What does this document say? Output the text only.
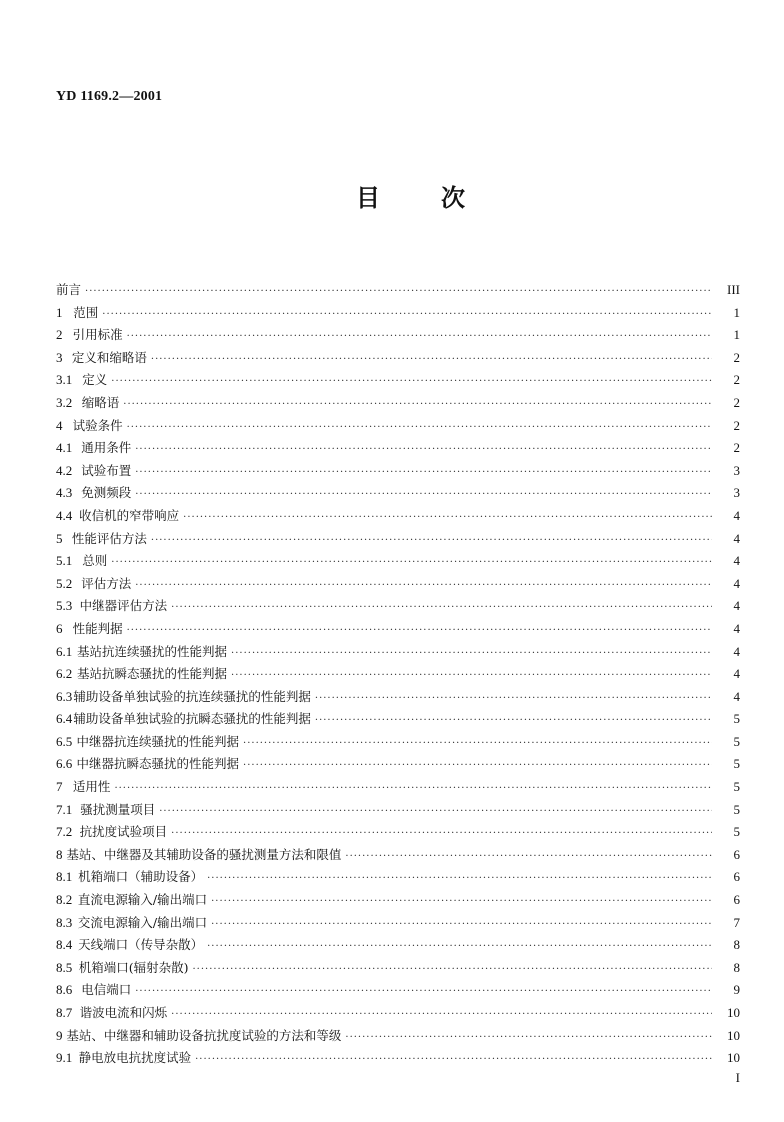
YD 1169.2—2001
目	次
前言 ·····	III
1 范围 ·····	1
2 引用标准 ·····	1
3 定义和缩略语 ·····	2
3.1 定义 ·····	2
3.2 缩略语 ·····	2
4 试验条件 ·····	2
4.1 通用条件 ·····	2
4.2 试验布置 ·····	3
4.3 免测频段 ·····	3
4.4 收信机的窄带响应 ·····	4
5 性能评估方法 ·····	4
5.1 总则 ·····	4
5.2 评估方法 ·····	4
5.3 中继器评估方法 ·····	4
6 性能判据 ·····	4
6.1 基站抗连续骚扰的性能判据 ·····	4
6.2 基站抗瞬态骚扰的性能判据 ·····	4
6.3 辅助设备单独试验的抗连续骚扰的性能判据 ·····	4
6.4 辅助设备单独试验的抗瞬态骚扰的性能判据 ·····	5
6.5 中继器抗连续骚扰的性能判据 ·····	5
6.6 中继器抗瞬态骚扰的性能判据 ·····	5
7 适用性 ·····	5
7.1 骚扰测量项目 ·····	5
7.2 抗扰度试验项目 ·····	5
8 基站、中继器及其辅助设备的骚扰测量方法和限值 ·····	6
8.1 机箱端口（辅助设备） ·····	6
8.2 直流电源输入/输出端口 ·····	6
8.3 交流电源输入/输出端口 ·····	7
8.4 天线端口（传导杂散） ·····	8
8.5 机箱端口(辐射杂散) ·····	8
8.6 电信端口 ·····	9
8.7 谐波电流和闪烁 ·····	10
9 基站、中继器和辅助设备抗扰度试验的方法和等级 ·····	10
9.1 静电放电抗扰度试验 ·····	10
I
